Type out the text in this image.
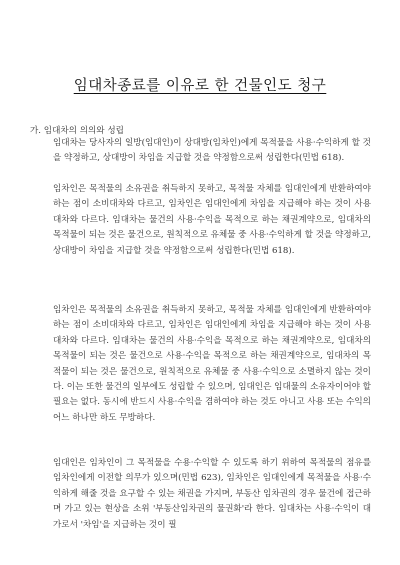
임대차종료를 이유로 한 건물인도 청구
가. 임대차의 의의와 성립

임대차는 당사자의 일방(임대인)이 상대방(임차인)에게 목적물을 사용·수익하게 할 것을 약정하고, 상대방이 차임을 지급할 것을 약정함으로써 성립한다(민법 618).

임차인은 목적물의 소유권을 취득하지 못하고, 목적물 자체를 임대인에게 반환하여야 하는 점이 소비대차와 다르고, 임차인은 임대인에게 차임을 지급해야 하는 것이 사용대차와 다르다. 임대차는 물건의 사용·수익을 목적으로 하는 채권계약으로, 임대차의 목적물이 되는 것은 물건으로, 원칙적으로 유체물 중 사용·수익하게 할 것을 약정하고, 상대방이 차임을 지급할 것을 약정함으로써 성립한다(민법 618).

임차인은 목적물의 소유권을 취득하지 못하고, 목적물 자체를 임대인에게 반환하여야 하는 점이 소비대차와 다르고, 임차인은 임대인에게 차임을 지급해야 하는 것이 사용대차와 다르다. 임대차는 물건의 사용·수익을 목적으로 하는 채권계약으로, 임대차의 목적물이 되는 것은 물건으로 사용·수익을 목적으로 하는 채권계약으로, 임대차의 목적물이 되는 것은 물건으로, 원칙적으로 유체물 중 사용·수익으로 소멸하지 않는 것이다. 이는 또한 물건의 일부에도 성립할 수 있으며, 임대인은 임대물의 소유자이어야 할 필요는 없다. 동시에 반드시 사용·수익을 겸하여야 하는 것도 아니고 사용 또는 수익의 어느 하나만 하도 무방하다.

임대인은 임차인이 그 목적물을 수용·수익할 수 있도록 하기 위하여 목적물의 점유를 임차인에게 이전할 의무가 있으며(민법 623), 임차인은 임대인에게 목적물을 사용·수익하게 해줄 것을 요구할 수 있는 채권을 가지며, 부동산 임차권의 경우 물건에 접근하며 가고 있는 현상을 소위 '부동산임차권의 물권화'라 한다. 임대차는 사용·수익이 대가로서 '차임'을 지급하는 것이 필
